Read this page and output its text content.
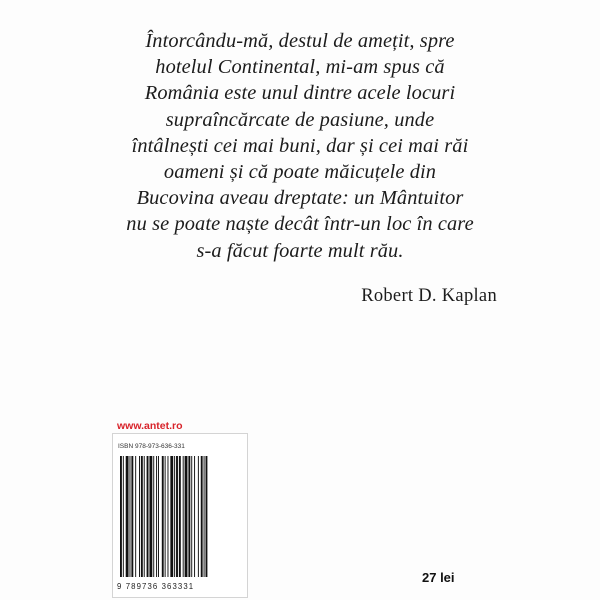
Întorcându-mă, destul de amețit, spre
hotelul Continental, mi-am spus că
România este unul dintre acele locuri
supraîncărcate de pasiune, unde
întâlnești cei mai buni, dar și cei mai răi
oameni și că poate măicuțele din
Bucovina aveau dreptate: un Mântuitor
nu se poate naște decât într-un loc în care
s-a făcut foarte mult rău.
Robert D. Kaplan
www.antet.ro
ISBN 978-973-636-331
9 789736 363331
27 lei
